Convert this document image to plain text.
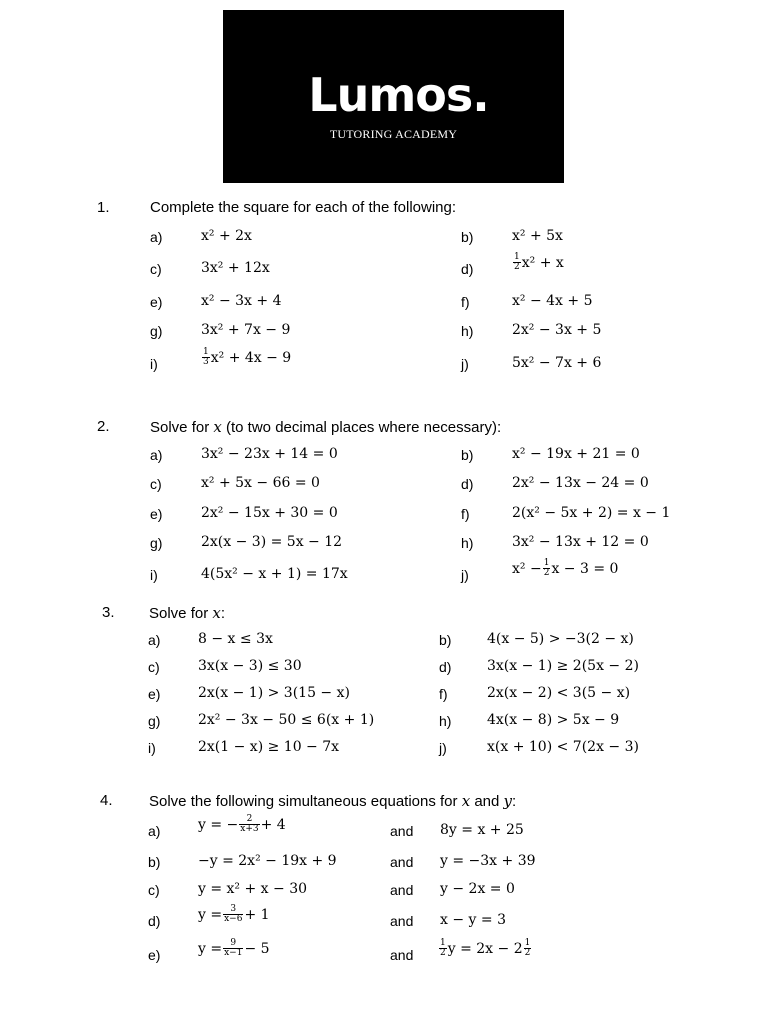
Lumos.
TUTORING ACADEMY
1.	Complete the square for each of the following:
a)	x² + 2x	b)	x² + 5x
c)	3x² + 12x	d)	$\frac{1}{2} x^2 + x$
e)	x² − 3x + 4	f)	x² − 4x + 5
g)	3x² + 7x − 9	h)	2x² − 3x + 5
i)	$\frac{1}{3} x^2 + 4x - 9$	j)	5x² − 7x + 6
2.	Solve for x (to two decimal places where necessary):
a)	3x² − 23x + 14 = 0	b)	x² − 19x + 21 = 0
c)	x² + 5x − 66 = 0	d)	2x² − 13x − 24 = 0
e)	2x² − 15x + 30 = 0	f)	2(x² − 5x + 2) = x − 1
g)	2x(x − 3) = 5x − 12	h)	3x² − 13x + 12 = 0
i)	4(5x² − x + 1) = 17x	j)	$x^2 - \frac{1}{2}$ x − 3 = 0
3. Solve for x:
a)	8 − x ≤ 3x	b)	4(x − 5) > −3(2 − x)
c)	3x(x − 3) ≤ 30	d)	3x(x − 1) ≥ 2(5x − 2)
e)	2x(x − 1) > 3(15 − x)	f)	2x(x − 2) < 3(5 − x)
g)	2x² − 3x − 50 ≤ 6(x + 1)	h)	4x(x − 8) > 5x − 9
i)	2x(1 − x) ≥ 10 − 7x	j)	x(x + 10) < 7(2x − 3)
4. Solve the following simultaneous equations for x and y:
a)	y = − $\frac{2}{x+3} + 4$	and 8y = x + 25
b)	−y = 2x² − 19x + 9	and y = −3x + 39
c)	y = x² + x − 30	and y − 2x = 0
d)	$y = \frac{3}{x-6} + 1$	and x − y = 3
e)	$y = \frac{9}{x-1} - 5$	and	$\frac{1}{2}$ $y = 2x - 2 \frac{1}{2}$
